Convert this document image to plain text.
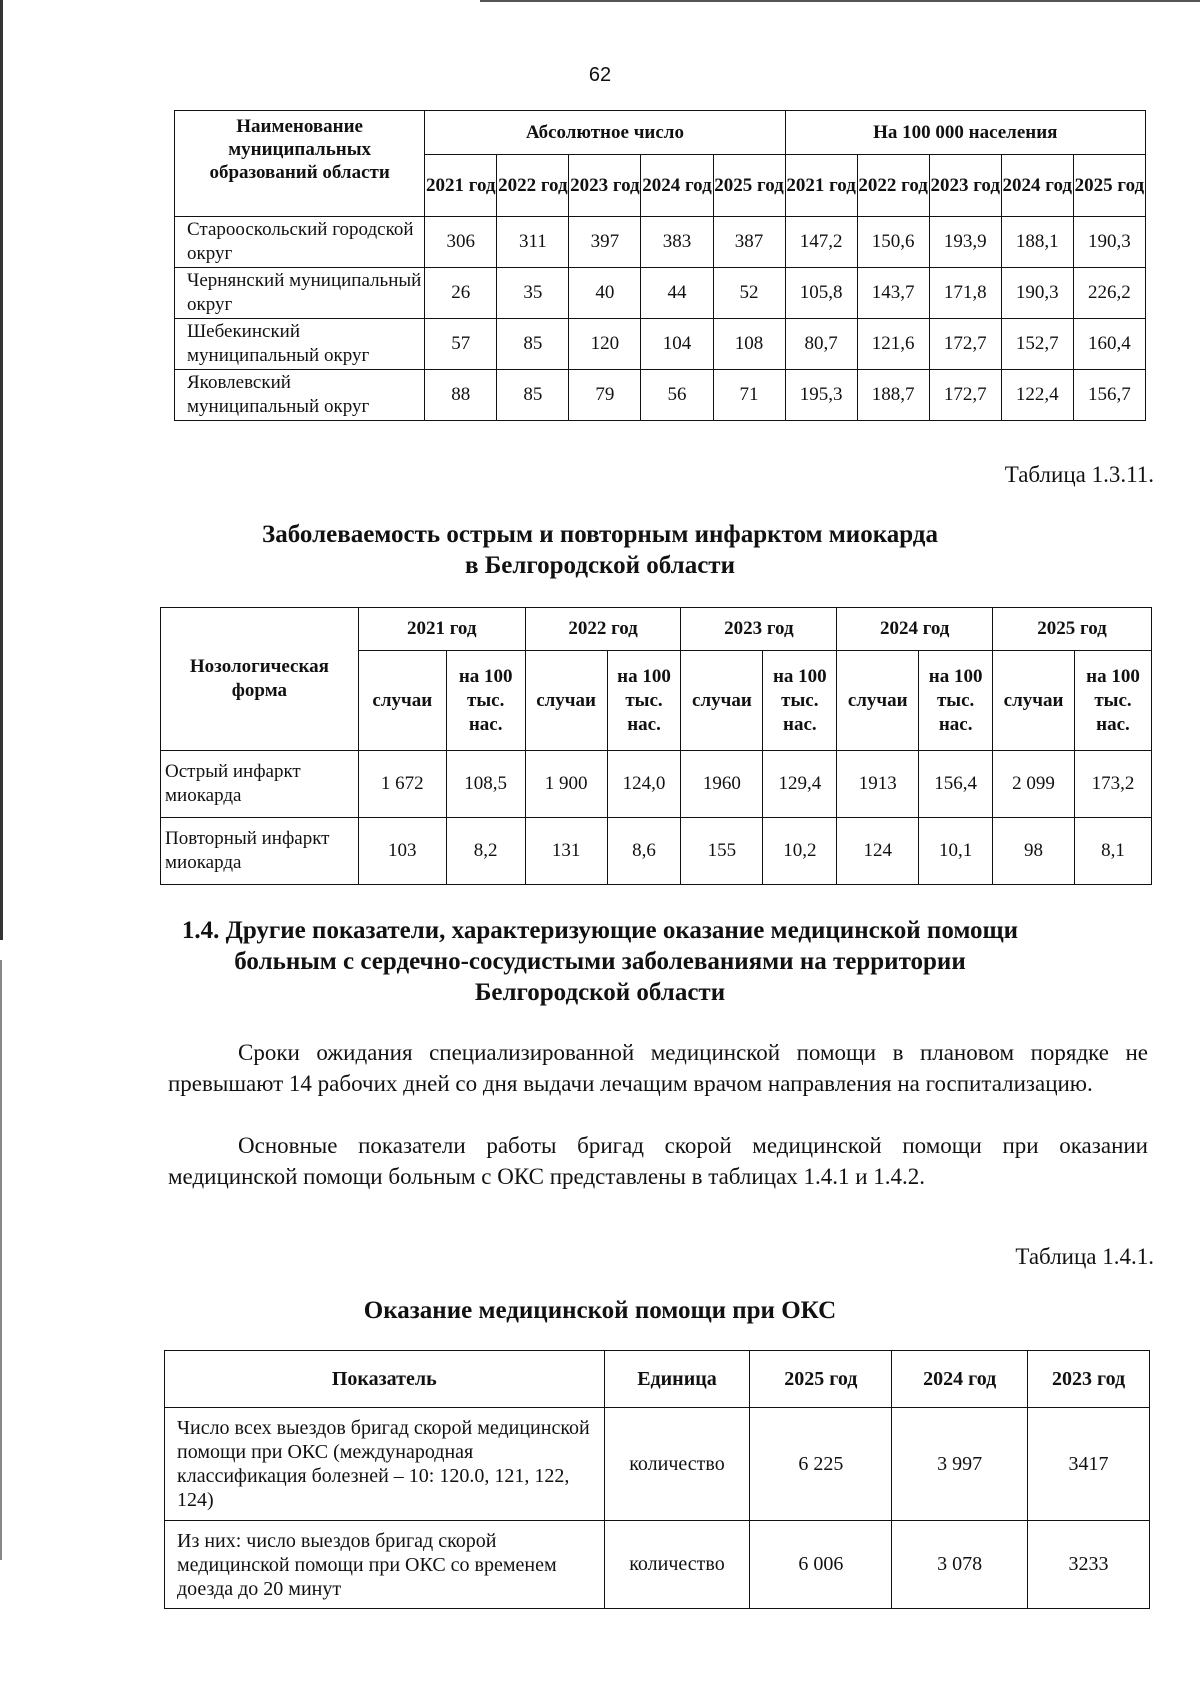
62
Наименование муниципальных образований области	Абсолютное число					На 100 000 населения				
	2021 год	2022 год	2023 год	2024 год	2025 год	2021 год	2022 год	2023 год	2024 год	2025 год
Старооскольский городской округ	306	311	397	383	387	147,2	150,6	193,9	188,1	190,3
Чернянский муниципальный округ	26	35	40	44	52	105,8	143,7	171,8	190,3	226,2
Шебекинский муниципальный округ	57	85	120	104	108	80,7	121,6	172,7	152,7	160,4
Яковлевский муниципальный округ	88	85	79	56	71	195,3	188,7	172,7	122,4	156,7
Таблица 1.3.11.
Заболеваемость острым и повторным инфарктом миокарда
в Белгородской области
Нозологическая форма	2021 год		2022 год		2023 год		2024 год		2025 год	
	случаи	на 100 тыс. нас.	случаи	на 100 тыс. нас.	случаи	на 100 тыс. нас.	случаи	на 100 тыс. нас.	случаи	на 100 тыс. нас.
Острый инфаркт миокарда	1 672	108,5	1 900	124,0	1960	129,4	1913	156,4	2 099	173,2
Повторный инфаркт миокарда	103	8,2	131	8,6	155	10,2	124	10,1	98	8,1
1.4. Другие показатели, характеризующие оказание медицинской помощи
больным с сердечно-сосудистыми заболеваниями на территории
Белгородской области
Сроки ожидания специализированной медицинской помощи в плановом порядке не превышают 14 рабочих дней со дня выдачи лечащим врачом направления на госпитализацию.
Основные показатели работы бригад скорой медицинской помощи при оказании медицинской помощи больным с ОКС представлены в таблицах 1.4.1 и 1.4.2.
Таблица 1.4.1.
Оказание медицинской помощи при ОКС
Показатель	Единица	2025 год	2024 год	2023 год
Число всех выездов бригад скорой медицинской помощи при ОКС (международная классификация болезней – 10: 120.0, 121, 122, 124)	количество	6 225	3 997	3417
Из них: число выездов бригад скорой медицинской помощи при ОКС со временем доезда до 20 минут	количество	6 006	3 078	3233
